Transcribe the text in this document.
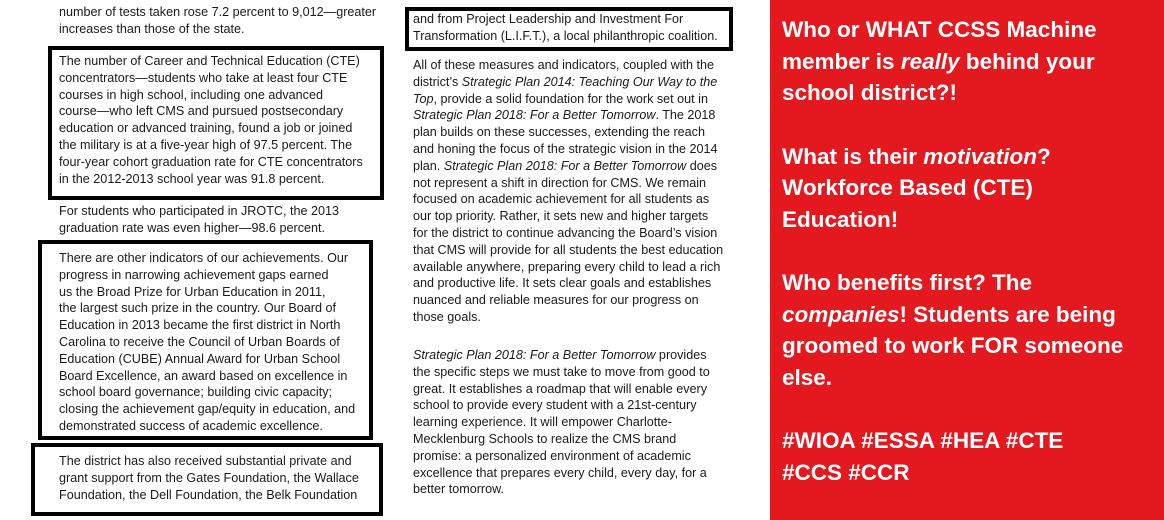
number of tests taken rose 7.2 percent to 9,012—greater

increases than those of the state.

The number of Career and Technical Education (CTE)
concentrators—students who take at least four CTE
courses in high school, including one advanced
course—who left CMS and pursued postsecondary
education or advanced training, found a job or joined
the military is at a five-year high of 97.5 percent. The
four-year cohort graduation rate for CTE concentrators
in the 2012-2013 school year was 91.8 percent.

For students who participated in JROTC, the 2013
graduation rate was even higher—98.6 percent.

There are other indicators of our achievements. Our
progress in narrowing achievement gaps earned
us the Broad Prize for Urban Education in 2011,
the largest such prize in the country. Our Board of
Education in 2013 became the first district in North
Carolina to receive the Council of Urban Boards of
Education (CUBE) Annual Award for Urban School
Board Excellence, an award based on excellence in
school board governance; building civic capacity;
closing the achievement gap/equity in education, and
demonstrated success of academic excellence.

The district has also received substantial private and
grant support from the Gates Foundation, the Wallace
Foundation, the Dell Foundation, the Belk Foundation

and from Project Leadership and Investment For
Transformation (L.I.F.T.), a local philanthropic coalition.

All of these measures and indicators, coupled with the
district’s Strategic Plan 2014: Teaching Our Way to the
Top, provide a solid foundation for the work set out in
Strategic Plan 2018: For a Better Tomorrow. The 2018
plan builds on these successes, extending the reach
and honing the focus of the strategic vision in the 2014
plan. Strategic Plan 2018: For a Better Tomorrow does
not represent a shift in direction for CMS. We remain
focused on academic achievement for all students as
our top priority. Rather, it sets new and higher targets
for the district to continue advancing the Board’s vision
that CMS will provide for all students the best education
available anywhere, preparing every child to lead a rich
and productive life. It sets clear goals and establishes
nuanced and reliable measures for our progress on
those goals.

Strategic Plan 2018: For a Better Tomorrow provides
the specific steps we must take to move from good to
great. It establishes a roadmap that will enable every
school to provide every student with a 21st-century
learning experience. It will empower Charlotte-
Mecklenburg Schools to realize the CMS brand
promise: a personalized environment of academic
excellence that prepares every child, every day, for a
better tomorrow.

Who or WHAT CCSS Machine member is really behind your school district?!

What is their motivation? Workforce Based (CTE) Education!

Who benefits first? The companies! Students are being groomed to work FOR someone else.

#WIOA #ESSA #HEA #CTE #CCS #CCR
